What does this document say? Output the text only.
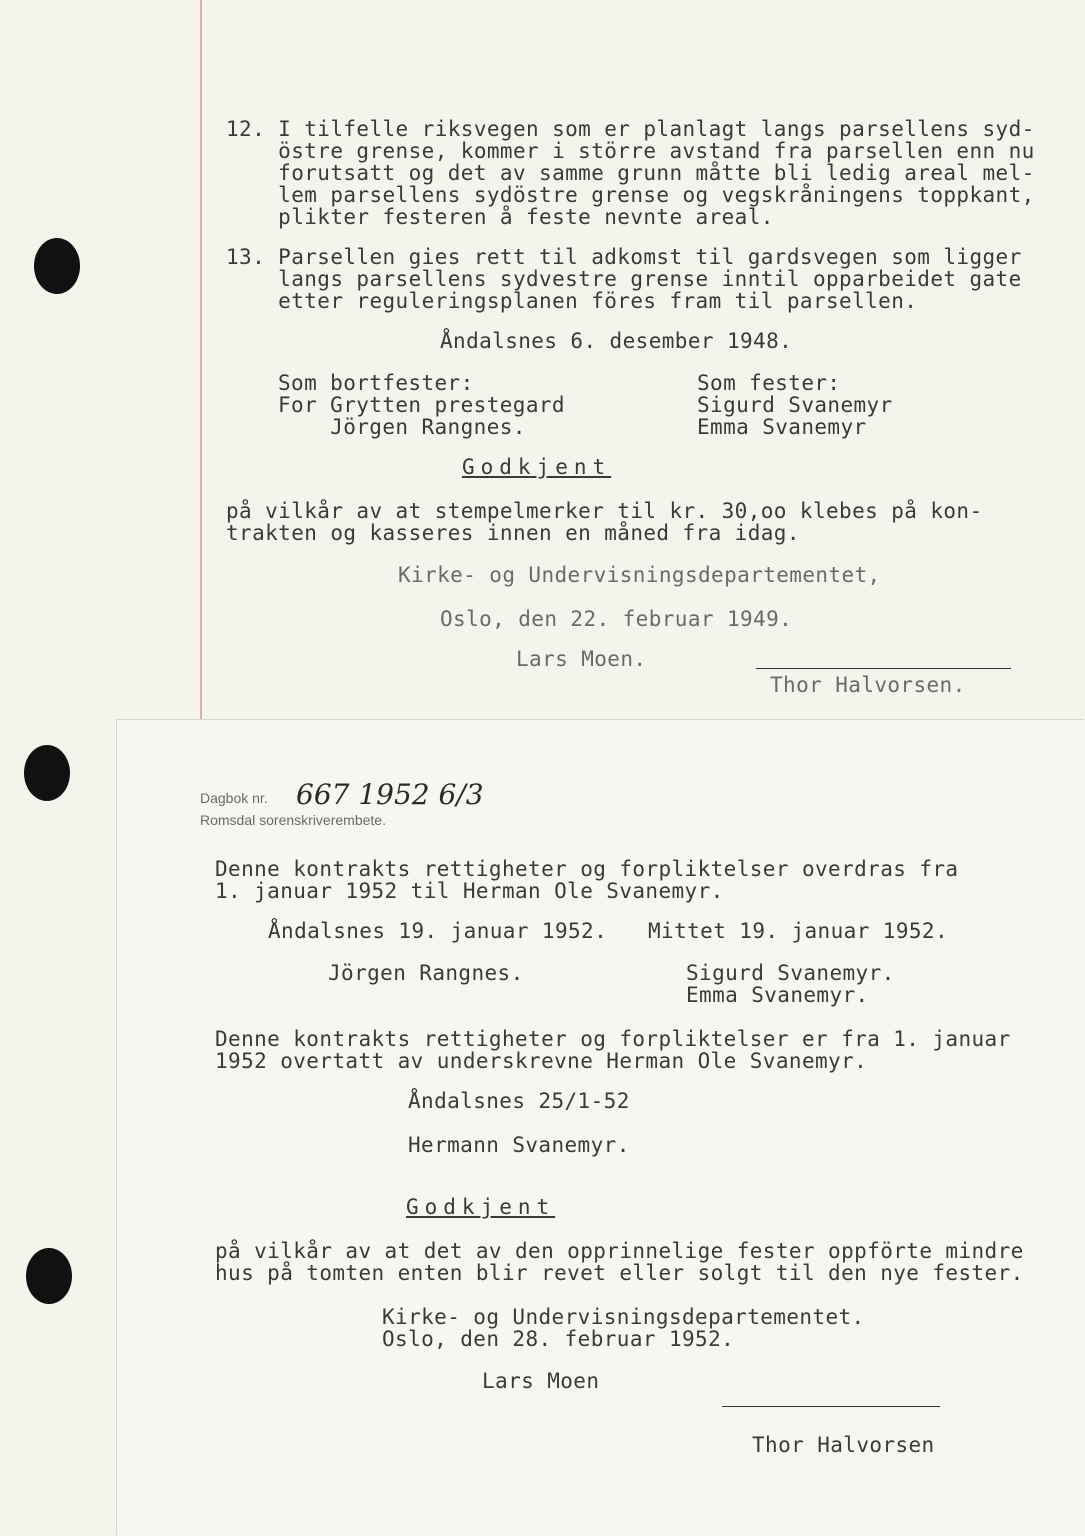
12. I tilfelle riksvegen som er planlagt langs parsellens syd-
östre grense, kommer i större avstand fra parsellen enn nu
forutsatt og det av samme grunn måtte bli ledig areal mel-
lem parsellens sydöstre grense og vegskråningens toppkant,
plikter festeren å feste nevnte areal.
13. Parsellen gies rett til adkomst til gardsvegen som ligger
langs parsellens sydvestre grense inntil opparbeidet gate
etter reguleringsplanen föres fram til parsellen.
Åndalsnes 6. desember 1948.
Som bortfester:
For Grytten prestegard
Jörgen Rangnes.
Som fester:
Sigurd Svanemyr
Emma Svanemyr
Godkjent
på vilkår av at stempelmerker til kr. 30,oo klebes på kon-
trakten og kasseres innen en måned fra idag.
Kirke- og Undervisningsdepartementet,
Oslo, den 22. februar 1949.
Lars Moen.
Thor Halvorsen.
Dagbok nr. 667 1952 6/3
Romsdal sorenskriverembete.
Denne kontrakts rettigheter og forpliktelser overdras fra
1. januar 1952 til Herman Ole Svanemyr.
Åndalsnes 19. januar 1952. Mittet 19. januar 1952.
Jörgen Rangnes.	Sigurd Svanemyr.
Emma Svanemyr.
Denne kontrakts rettigheter og forpliktelser er fra 1. januar
1952 overtatt av underskrevne Herman Ole Svanemyr.
Åndalsnes 25/1-52
Hermann Svanemyr.
Godkjent
på vilkår av at det av den opprinnelige fester oppförte mindre
hus på tomten enten blir revet eller solgt til den nye fester.
Kirke- og Undervisningsdepartementet.
Oslo, den 28. februar 1952.
Lars Moen
Thor Halvorsen
